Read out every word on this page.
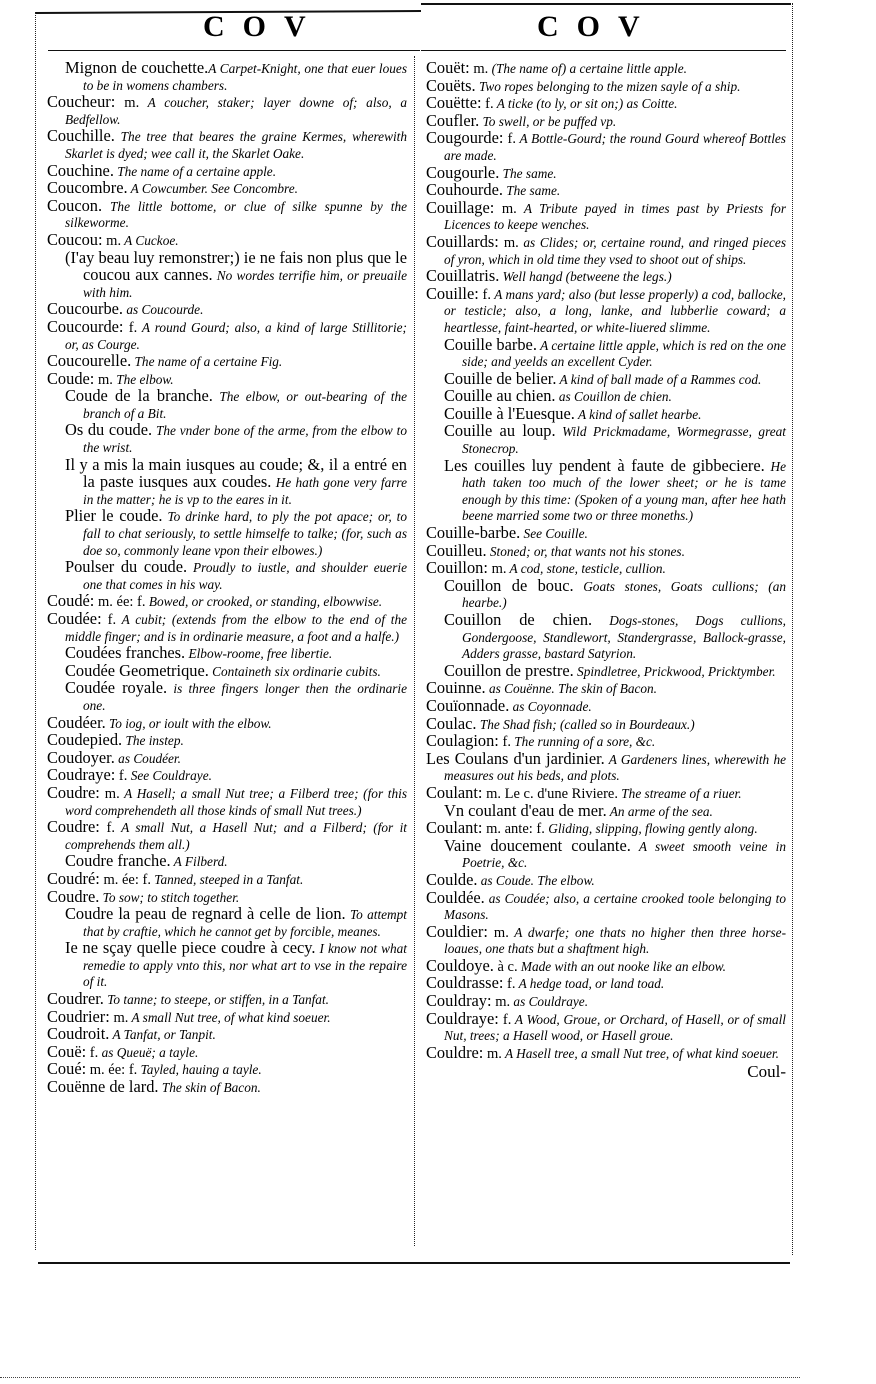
COV	COV

Mignon de couchette.A Carpet-Knight, one that euer loues to be in womens chambers.

Coucheur: m. A coucher, staker; layer downe of; also, a Bedfellow.

Couchille. The tree that beares the graine Kermes, wherewith Skarlet is dyed; wee call it, the Skarlet Oake.

Couchine. The name of a certaine apple.

Coucombre. A Cowcumber. See Concombre.

Coucon. The little bottome, or clue of silke spunne by the silkeworme.

Coucou: m. A Cuckoe.

(I'ay beau luy remonstrer;) ie ne fais non plus que le coucou aux cannes. No wordes terrifie him, or preuaile with him.

Coucourbe. as Coucourde.

Coucourde: f. A round Gourd; also, a kind of large Stillitorie; or, as Courge.

Coucourelle. The name of a certaine Fig.

Coude: m. The elbow.

Coude de la branche. The elbow, or out-bearing of the branch of a Bit.

Os du coude. The vnder bone of the arme, from the elbow to the wrist.

Il y a mis la main iusques au coude; &, il a entré en la paste iusques aux coudes. He hath gone very farre in the matter; he is vp to the eares in it.

Plier le coude. To drinke hard, to ply the pot apace; or, to fall to chat seriously, to settle himselfe to talke; (for, such as doe so, commonly leane vpon their elbowes.)

Poulser du coude. Proudly to iustle, and shoulder euerie one that comes in his way.

Coudé: m. ée: f. Bowed, or crooked, or standing, elbowwise.

Coudée: f. A cubit; (extends from the elbow to the end of the middle finger; and is in ordinarie measure, a foot and a halfe.)

Coudées franches. Elbow-roome, free libertie.

Coudée Geometrique. Containeth six ordinarie cubits.

Coudée royale. is three fingers longer then the ordinarie one.

Coudéer. To iog, or ioult with the elbow.

Coudepied. The instep.

Coudoyer. as Coudéer.

Coudraye: f. See Couldraye.

Coudre: m. A Hasell; a small Nut tree; a Filberd tree; (for this word comprehendeth all those kinds of small Nut trees.)

Coudre: f. A small Nut, a Hasell Nut; and a Filberd; (for it comprehends them all.)

Coudre franche. A Filberd.

Coudré: m. ée: f. Tanned, steeped in a Tanfat.

Coudre. To sow; to stitch together.

Coudre la peau de regnard à celle de lion. To attempt that by craftie, which he cannot get by forcible, meanes.

Ie ne sçay quelle piece coudre à cecy. I know not what remedie to apply vnto this, nor what art to vse in the repaire of it.

Coudrer. To tanne; to steepe, or stiffen, in a Tanfat.

Coudrier: m. A small Nut tree, of what kind soeuer.

Coudroit. A Tanfat, or Tanpit.

Couë: f. as Queuë; a tayle.

Coué: m. ée: f. Tayled, hauing a tayle.

Couënne de lard. The skin of Bacon.

Couët: m. (The name of) a certaine little apple.

Couëts. Two ropes belonging to the mizen sayle of a ship.

Couëtte: f. A ticke (to ly, or sit on;) as Coitte.

Coufler. To swell, or be puffed vp.

Cougourde: f. A Bottle-Gourd; the round Gourd whereof Bottles are made.

Cougourle. The same.

Couhourde. The same.

Couillage: m. A Tribute payed in times past by Priests for Licences to keepe wenches.

Couillards: m. as Clides; or, certaine round, and ringed pieces of yron, which in old time they vsed to shoot out of ships.

Couillatris. Well hangd (betweene the legs.)

Couille: f. A mans yard; also (but lesse properly) a cod, ballocke, or testicle; also, a long, lanke, and lubberlie coward; a heartlesse, faint-hearted, or white-liuered slimme.

Couille barbe. A certaine little apple, which is red on the one side; and yeelds an excellent Cyder.

Couille de belier. A kind of ball made of a Rammes cod.

Couille au chien. as Couillon de chien.

Couille à l'Euesque. A kind of sallet hearbe.

Couille au loup. Wild Prickmadame, Wormegrasse, great Stonecrop.

Les couilles luy pendent à faute de gibbeciere. He hath taken too much of the lower sheet; or he is tame enough by this time: (Spoken of a young man, after hee hath beene married some two or three moneths.)

Couille-barbe. See Couille.

Couilleu. Stoned; or, that wants not his stones.

Couillon: m. A cod, stone, testicle, cullion.

Couillon de bouc. Goats stones, Goats cullions; (an hearbe.)

Couillon de chien. Dogs-stones, Dogs cullions, Gondergoose, Standlewort, Standergrasse, Ballock-grasse, Adders grasse, bastard Satyrion.

Couillon de prestre. Spindletree, Prickwood, Pricktymber.

Couinne. as Couënne. The skin of Bacon.

Couïonnade. as Coyonnade.

Coulac. The Shad fish; (called so in Bourdeaux.)

Coulagion: f. The running of a sore, &c.

Les Coulans d'un jardinier. A Gardeners lines, wherewith he measures out his beds, and plots.

Coulant: m. Le c. d'une Riviere. The streame of a riuer.

Vn coulant d'eau de mer. An arme of the sea.

Coulant: m. ante: f. Gliding, slipping, flowing gently along.

Vaine doucement coulante. A sweet smooth veine in Poetrie, &c.

Coulde. as Coude. The elbow.

Couldée. as Coudée; also, a certaine crooked toole belonging to Masons.

Couldier: m. A dwarfe; one thats no higher then three horse-loaues, one thats but a shaftment high.

Couldoye. à c. Made with an out nooke like an elbow.

Couldrasse: f. A hedge toad, or land toad.

Couldray: m. as Couldraye.

Couldraye: f. A Wood, Groue, or Orchard, of Hasell, or of small Nut, trees; a Hasell wood, or Hasell groue.

Couldre: m. A Hasell tree, a small Nut tree, of what kind soeuer.

Coul-
